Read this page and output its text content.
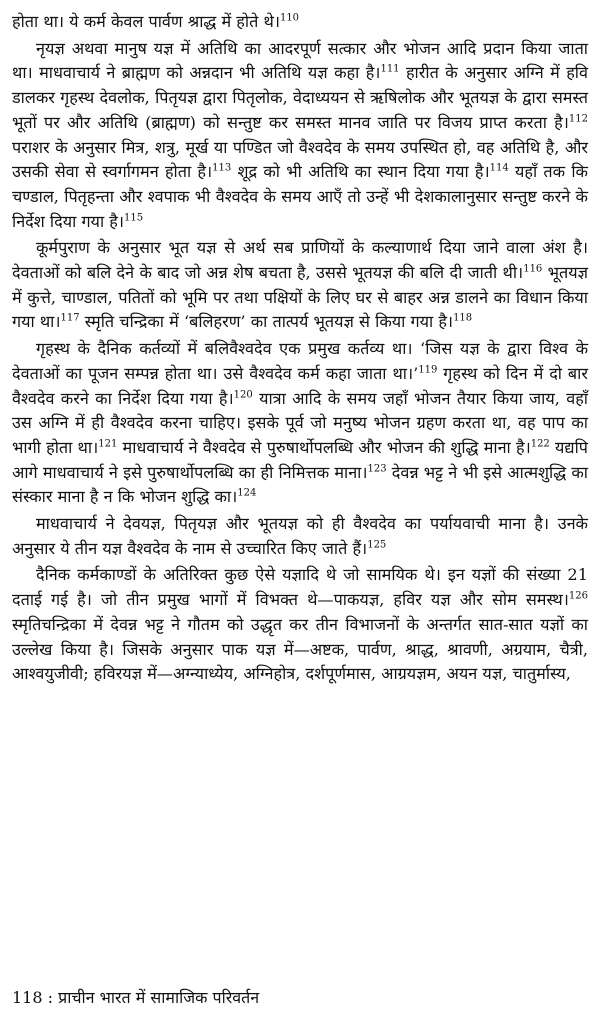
होता था। ये कर्म केवल पार्वण श्राद्ध में होते थे।$^{110}$

नृयज्ञ अथवा मानुष यज्ञ में अतिथि का आदरपूर्ण सत्कार और भोजन आदि प्रदान किया जाता था। माधवाचार्य ने ब्राह्मण को अन्नदान भी अतिथि यज्ञ कहा है।$^{111}$ हारीत के अनुसार अग्नि में हवि डालकर गृहस्थ देवलोक, पितृयज्ञ द्वारा पितृलोक, वेदाध्ययन से ऋषिलोक और भूतयज्ञ के द्वारा समस्त भूतों पर और अतिथि (ब्राह्मण) को सन्तुष्ट कर समस्त मानव जाति पर विजय प्राप्त करता है।$^{112}$ पराशर के अनुसार मित्र, शत्रु, मूर्ख या पण्डित जो वैश्वदेव के समय उपस्थित हो, वह अतिथि है, और उसकी सेवा से स्वर्गागमन होता है।$^{113}$ शूद्र को भी अतिथि का स्थान दिया गया है।$^{114}$ यहाँ तक कि चण्डाल, पितृहन्ता और श्वपाक भी वैश्वदेव के समय आएँ तो उन्हें भी देशकालानुसार सन्तुष्ट करने के निर्देश दिया गया है।$^{115}$

कूर्मपुराण के अनुसार भूत यज्ञ से अर्थ सब प्राणियों के कल्याणार्थ दिया जाने वाला अंश है। देवताओं को बलि देने के बाद जो अन्न शेष बचता है, उससे भूतयज्ञ की बलि दी जाती थी।$^{116}$ भूतयज्ञ में कुत्ते, चाण्डाल, पतितों को भूमि पर तथा पक्षियों के लिए घर से बाहर अन्न डालने का विधान किया गया था।$^{117}$ स्मृति चन्द्रिका में ‘बलिहरण’ का तात्पर्य भूतयज्ञ से किया गया है।$^{118}$

गृहस्थ के दैनिक कर्तव्यों में बलिवैश्वदेव एक प्रमुख कर्तव्य था। ‘जिस यज्ञ के द्वारा विश्व के देवताओं का पूजन सम्पन्न होता था। उसे वैश्वदेव कर्म कहा जाता था।’$^{119}$ गृहस्थ को दिन में दो बार वैश्वदेव करने का निर्देश दिया गया है।$^{120}$ यात्रा आदि के समय जहाँ भोजन तैयार किया जाय, वहाँ उस अग्नि में ही वैश्वदेव करना चाहिए। इसके पूर्व जो मनुष्य भोजन ग्रहण करता था, वह पाप का भागी होता था।$^{121}$ माधवाचार्य ने वैश्वदेव से पुरुषार्थोपलब्धि और भोजन की शुद्धि माना है।$^{122}$ यद्यपि आगे माधवाचार्य ने इसे पुरुषार्थोपलब्धि का ही निमित्तक माना।$^{123}$ देवन्न भट्ट ने भी इसे आत्मशुद्धि का संस्कार माना है न कि भोजन शुद्धि का।$^{124}$

माधवाचार्य ने देवयज्ञ, पितृयज्ञ और भूतयज्ञ को ही वैश्वदेव का पर्यायवाची माना है। उनके अनुसार ये तीन यज्ञ वैश्वदेव के नाम से उच्चारित किए जाते हैं।$^{125}$

दैनिक कर्मकाण्डों के अतिरिक्त कुछ ऐसे यज्ञादि थे जो सामयिक थे। इन यज्ञों की संख्या 21 दताई गई है। जो तीन प्रमुख भागों में विभक्त थे—पाकयज्ञ, हविर यज्ञ और सोम समस्थ।$^{126}$ स्मृतिचन्द्रिका में देवन्न भट्ट ने गौतम को उद्धृत कर तीन विभाजनों के अन्तर्गत सात-सात यज्ञों का उल्लेख किया है। जिसके अनुसार पाक यज्ञ में—अष्टक, पार्वण, श्राद्ध, श्रावणी, अग्रयाम, चैत्री, आश्वयुजीवी; हविरयज्ञ में—अग्न्याध्येय, अग्निहोत्र, दर्शपूर्णमास, आग्रयज्ञम, अयन यज्ञ, चातुर्मास्य,

118 : प्राचीन भारत में सामाजिक परिवर्तन
